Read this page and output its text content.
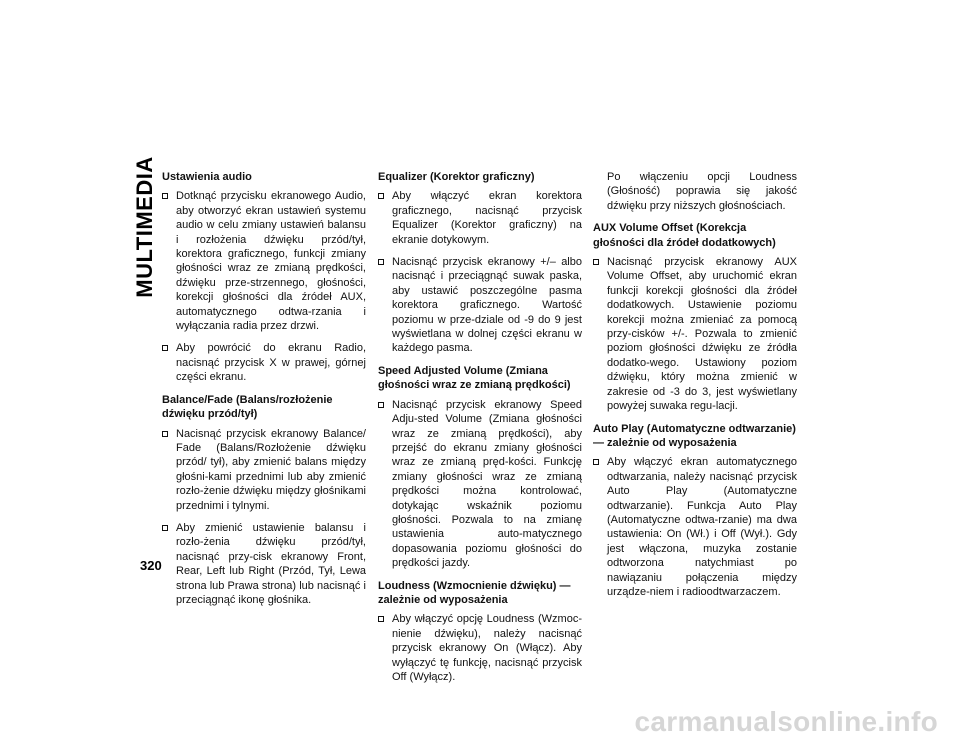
MULTIMEDIA Ustawienia audio

Dotknąć przycisku ekranowego Audio, aby otworzyć ekran ustawień systemu audio w celu zmiany ustawień balansu i rozłożenia dźwięku przód/tył, korektora graficznego, funkcji zmiany głośności wraz ze zmianą prędkości, dźwięku prze-strzennego, głośności, korekcji głośności dla źródeł AUX, automatycznego odtwa-rzania i wyłączania radia przez drzwi.

Aby powrócić do ekranu Radio, nacisnąć przycisk X w prawej, górnej części ekranu.

Balance/Fade (Balans/rozłożenie dźwięku przód/tył)

Nacisnąć przycisk ekranowy Balance/ Fade (Balans/Rozłożenie dźwięku przód/ tył), aby zmienić balans między głośni-kami przednimi lub aby zmienić rozło-żenie dźwięku między głośnikami przednimi i tylnymi.

Aby zmienić ustawienie balansu i rozło-żenia dźwięku przód/tył, nacisnąć przy-cisk ekranowy Front, Rear, Left lub Right (Przód, Tył, Lewa strona lub Prawa strona) lub nacisnąć i przeciągnąć ikonę głośnika.

Equalizer (Korektor graficzny)

Aby włączyć ekran korektora graficznego, nacisnąć przycisk Equalizer (Korektor graficzny) na ekranie dotykowym.

Nacisnąć przycisk ekranowy +/– albo nacisnąć i przeciągnąć suwak paska, aby ustawić poszczególne pasma korektora graficznego. Wartość poziomu w prze-dziale od -9 do 9 jest wyświetlana w dolnej części ekranu w każdego pasma.

Speed Adjusted Volume (Zmiana głośności wraz ze zmianą prędkości)

Nacisnąć przycisk ekranowy Speed Adju-sted Volume (Zmiana głośności wraz ze zmianą prędkości), aby przejść do ekranu zmiany głośności wraz ze zmianą pręd-kości. Funkcję zmiany głośności wraz ze zmianą prędkości można kontrolować, dotykając wskaźnik poziomu głośności. Pozwala to na zmianę ustawienia auto-matycznego dopasowania poziomu głośności do prędkości jazdy.

Loudness (Wzmocnienie dźwięku) — zależnie od wyposażenia

Aby włączyć opcję Loudness (Wzmoc-nienie dźwięku), należy nacisnąć przycisk ekranowy On (Włącz). Aby wyłączyć tę funkcję, nacisnąć przycisk Off (Wyłącz).

Po włączeniu opcji Loudness (Głośność) poprawia się jakość dźwięku przy niższych głośnościach.

AUX Volume Offset (Korekcja głośności dla źródeł dodatkowych)

Nacisnąć przycisk ekranowy AUX Volume Offset, aby uruchomić ekran funkcji korekcji głośności dla źródeł dodatkowych. Ustawienie poziomu korekcji można zmieniać za pomocą przy-cisków +/-. Pozwala to zmienić poziom głośności dźwięku ze źródła dodatko-wego. Ustawiony poziom dźwięku, który można zmienić w zakresie od -3 do 3, jest wyświetlany powyżej suwaka regu-lacji.

Auto Play (Automatyczne odtwarzanie) — zależnie od wyposażenia

Aby włączyć ekran automatycznego odtwarzania, należy nacisnąć przycisk Auto Play (Automatyczne odtwarzanie). Funkcja Auto Play (Automatyczne odtwa-rzanie) ma dwa ustawienia: On (Wł.) i Off (Wył.). Gdy jest włączona, muzyka zostanie odtworzona natychmiast po nawiązaniu połączenia między urządze-niem i radioodtwarzaczem.

320
carmanualsonline.info
